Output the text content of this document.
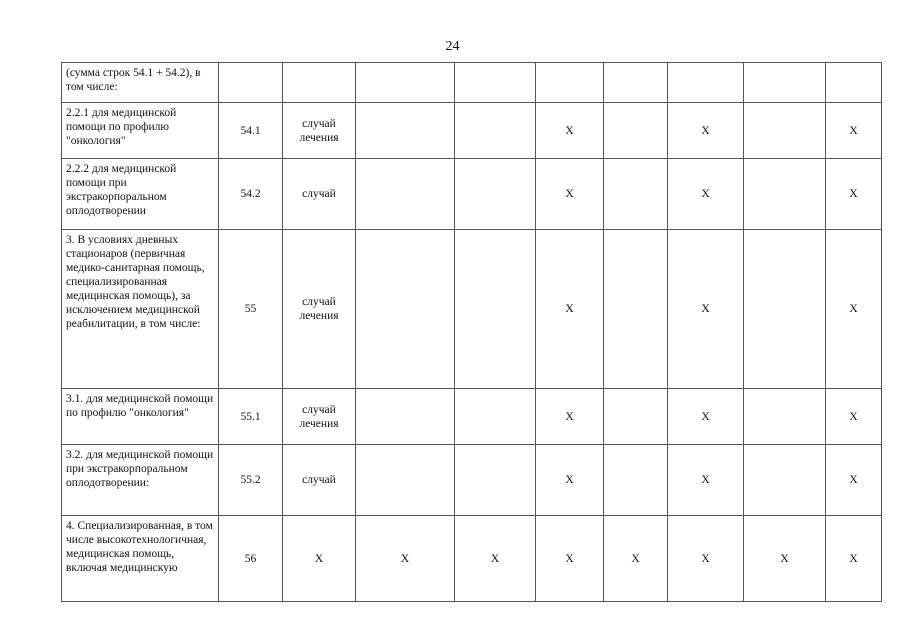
24
(сумма строк 54.1 + 54.2), в том числе:									
2.2.1 для медицинской помощи по профилю "онкология"	54.1	случай лечения			X		X		X
2.2.2 для медицинской помощи при экстракорпоральном оплодотворении	54.2	случай			X		X		X
3. В условиях дневных стационаров (первичная медико-санитарная помощь, специализированная медицинская помощь), за исключением медицинской реабилитации, в том числе:	55	случай лечения			X		X		X
3.1. для медицинской помощи по профилю "онкология"	55.1	случай лечения			X		X		X
3.2. для медицинской помощи при экстракорпоральном оплодотворении:	55.2	случай			X		X		X
4. Специализированная, в том числе высокотехнологичная, медицинская помощь, включая медицинскую	56	X	X	X	X	X	X	X	X
